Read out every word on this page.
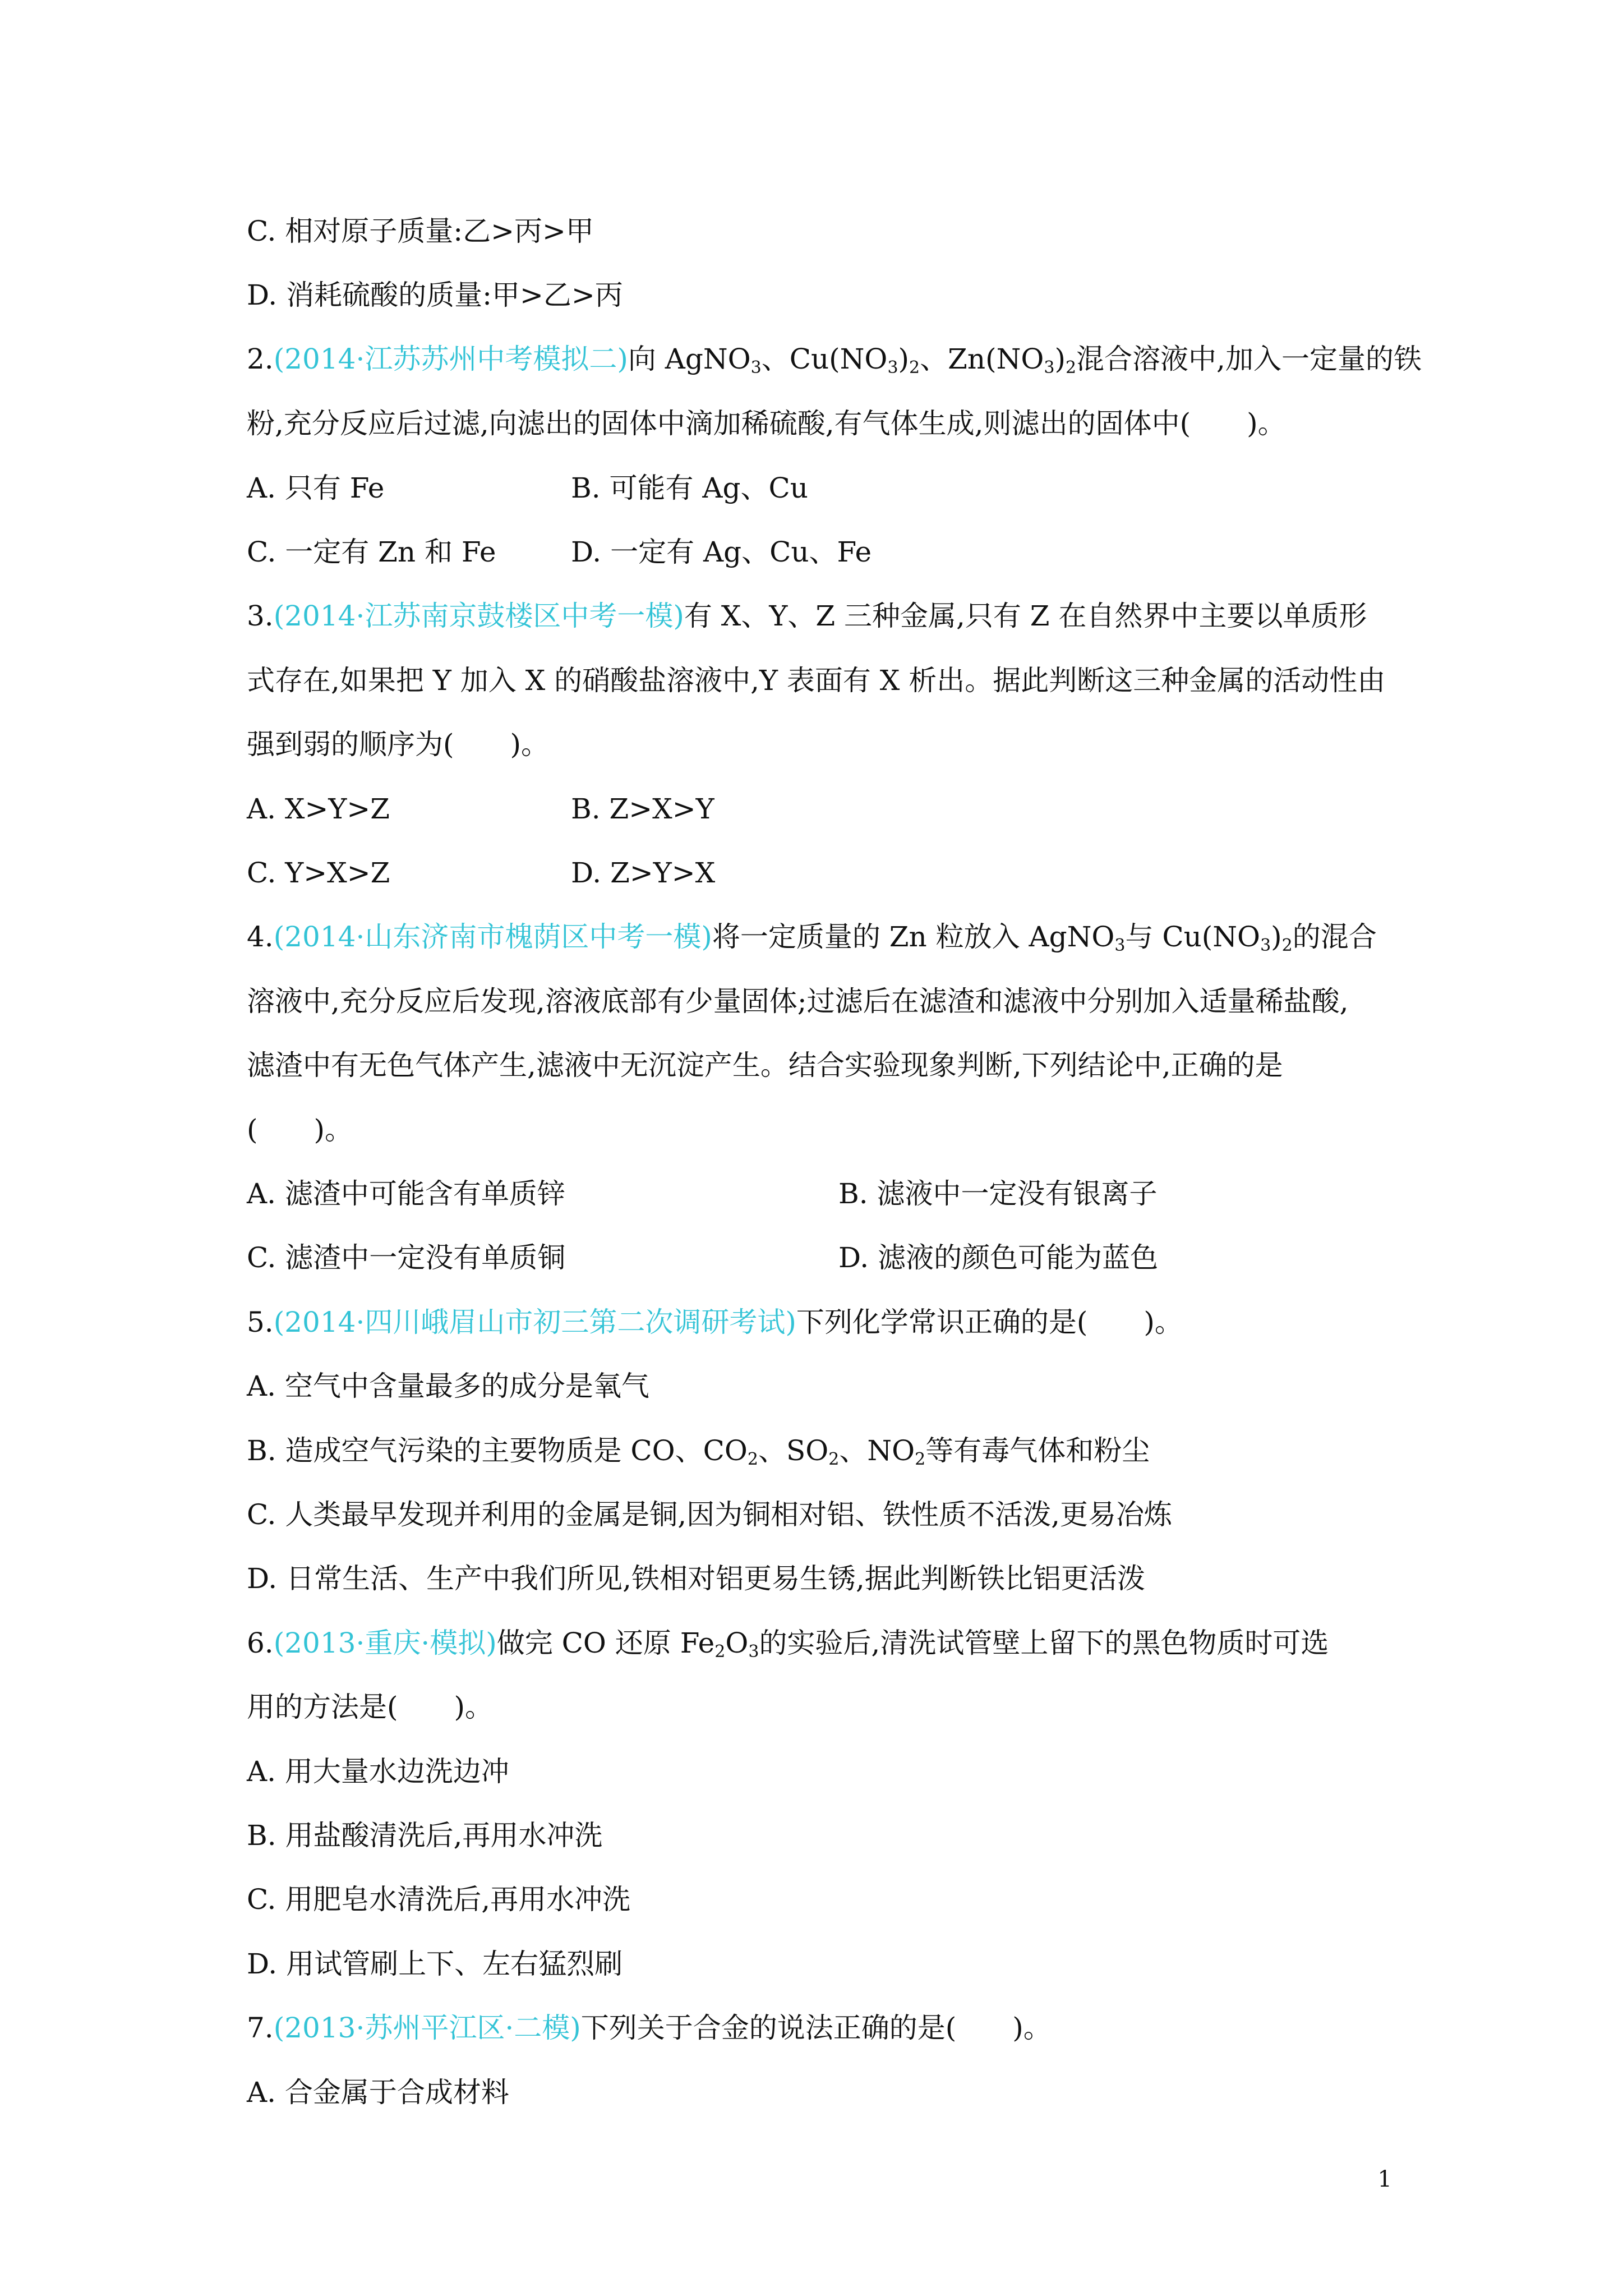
C. 相对原子质量:乙>丙>甲
D. 消耗硫酸的质量:甲>乙>丙
2.(2014·江苏苏州中考模拟二)向 AgNO$_3$、$Cu(NO_3)_2$、$Zn(NO_3)_2$混合溶液中,加入一定量的铁
粉,充分反应后过滤,向滤出的固体中滴加稀硫酸,有气体生成,则滤出的固体中(　　)。
A. 只有 Fe	B. 可能有 Ag、Cu
C. 一定有 Zn 和 Fe	D. 一定有 Ag、Cu、Fe
3.(2014·江苏南京鼓楼区中考一模)有 X、Y、Z 三种金属,只有 Z 在自然界中主要以单质形
式存在,如果把 Y 加入 X 的硝酸盐溶液中,Y 表面有 X 析出。据此判断这三种金属的活动性由
强到弱的顺序为(　　)。
A. X>Y>Z	B. Z>X>Y
C. Y>X>Z	D. Z>Y>X
4.(2014·山东济南市槐荫区中考一模)将一定质量的 Zn 粒放入 AgNO$_3$与 $Cu(NO_3)_2$的混合
溶液中,充分反应后发现,溶液底部有少量固体;过滤后在滤渣和滤液中分别加入适量稀盐酸,
滤渣中有无色气体产生,滤液中无沉淀产生。结合实验现象判断,下列结论中,正确的是
(　　)。
A. 滤渣中可能含有单质锌	B. 滤液中一定没有银离子
C. 滤渣中一定没有单质铜	D. 滤液的颜色可能为蓝色
5.(2014·四川峨眉山市初三第二次调研考试)下列化学常识正确的是(　　)。
A. 空气中含量最多的成分是氧气
B. 造成空气污染的主要物质是 CO、$CO_2$、$SO_2$、$NO_2$等有毒气体和粉尘
C. 人类最早发现并利用的金属是铜,因为铜相对铝、铁性质不活泼,更易冶炼
D. 日常生活、生产中我们所见,铁相对铝更易生锈,据此判断铁比铝更活泼
6.(2013·重庆·模拟)做完 CO 还原 $Fe_2O_3$的实验后,清洗试管壁上留下的黑色物质时可选
用的方法是(　　)。
A. 用大量水边洗边冲
B. 用盐酸清洗后,再用水冲洗
C. 用肥皂水清洗后,再用水冲洗
D. 用试管刷上下、左右猛烈刷
7.(2013·苏州平江区·二模)下列关于合金的说法正确的是(　　)。
A. 合金属于合成材料
1
